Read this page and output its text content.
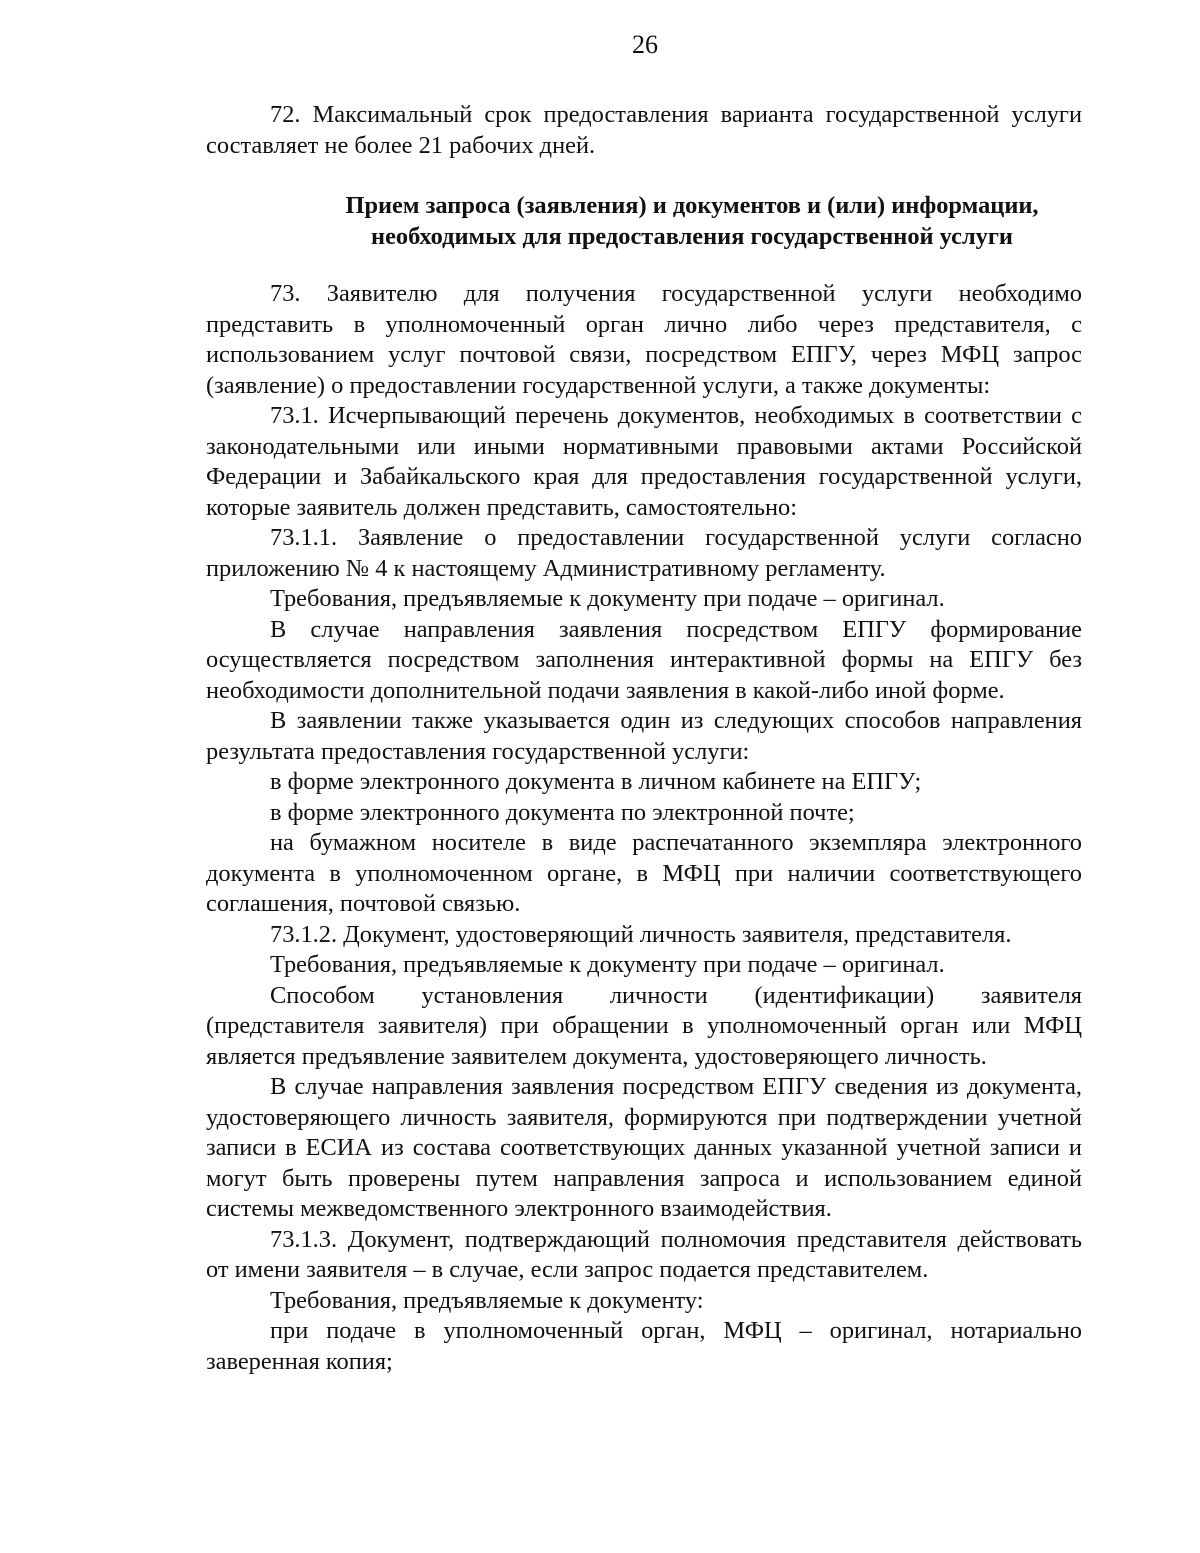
26

72. Максимальный срок предоставления варианта государственной услуги составляет не более 21 рабочих дней.

Прием запроса (заявления) и документов и (или) информации,
необходимых для предоставления государственной услуги

73. Заявителю для получения государственной услуги необходимо представить в уполномоченный орган лично либо через представителя, с использованием услуг почтовой связи, посредством ЕПГУ, через МФЦ запрос (заявление) о предоставлении государственной услуги, а также документы:

73.1. Исчерпывающий перечень документов, необходимых в соответствии с законодательными или иными нормативными правовыми актами Российской Федерации и Забайкальского края для предоставления государственной услуги, которые заявитель должен представить, самостоятельно:

73.1.1. Заявление о предоставлении государственной услуги согласно приложению № 4 к настоящему Административному регламенту.

Требования, предъявляемые к документу при подаче – оригинал.

В случае направления заявления посредством ЕПГУ формирование осуществляется посредством заполнения интерактивной формы на ЕПГУ без необходимости дополнительной подачи заявления в какой-либо иной форме.

В заявлении также указывается один из следующих способов направления результата предоставления государственной услуги:

в форме электронного документа в личном кабинете на ЕПГУ;

в форме электронного документа по электронной почте;

на бумажном носителе в виде распечатанного экземпляра электронного документа в уполномоченном органе, в МФЦ при наличии соответствующего соглашения, почтовой связью.

73.1.2. Документ, удостоверяющий личность заявителя, представителя.

Требования, предъявляемые к документу при подаче – оригинал.

Способом установления личности (идентификации) заявителя (представителя заявителя) при обращении в уполномоченный орган или МФЦ является предъявление заявителем документа, удостоверяющего личность.

В случае направления заявления посредством ЕПГУ сведения из документа, удостоверяющего личность заявителя, формируются при подтверждении учетной записи в ЕСИА из состава соответствующих данных указанной учетной записи и могут быть проверены путем направления запроса и использованием единой системы межведомственного электронного взаимодействия.

73.1.3. Документ, подтверждающий полномочия представителя действовать от имени заявителя – в случае, если запрос подается представителем.

Требования, предъявляемые к документу:

при подаче в уполномоченный орган, МФЦ – оригинал, нотариально заверенная копия;
